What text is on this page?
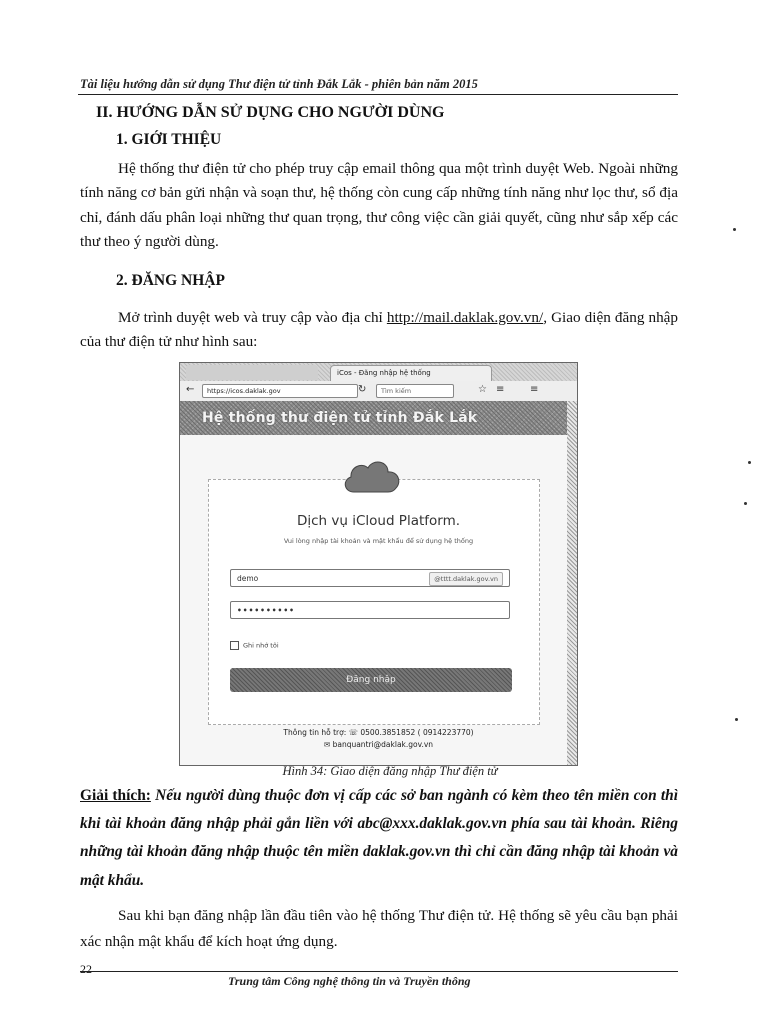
Tài liệu hướng dẫn sử dụng Thư điện tử tỉnh Đắk Lắk - phiên bản năm 2015
II. HƯỚNG DẪN SỬ DỤNG CHO NGƯỜI DÙNG
1. GIỚI THIỆU
Hệ thống thư điện tử cho phép truy cập email thông qua một trình duyệt Web. Ngoài những tính năng cơ bản gửi nhận và soạn thư, hệ thống còn cung cấp những tính năng như lọc thư, sổ địa chỉ, đánh dấu phân loại những thư quan trọng, thư công việc cần giải quyết, cũng như sắp xếp các thư theo ý người dùng.
2. ĐĂNG NHẬP
Mở trình duyệt web và truy cập vào địa chỉ http://mail.daklak.gov.vn/, Giao diện đăng nhập của thư điện tử như hình sau:
iCos - Đăng nhập hệ thống
←	https://icos.daklak.gov	↻	Tìm kiếm	☆ ≡	≡
Hệ thống thư điện tử tỉnh Đắk Lắk
Dịch vụ iCloud Platform.
Vui lòng nhập tài khoản và mật khẩu để sử dụng hệ thống
demo	@tttt.daklak.gov.vn
••••••••••
Ghi nhớ tôi
Đăng nhập
Thông tin hỗ trợ: ☏ 0500.3851852 ( 0914223770)
✉ banquantri@daklak.gov.vn
Hình 34: Giao diện đăng nhập Thư điện tử
Giải thích: Nếu người dùng thuộc đơn vị cấp các sở ban ngành có kèm theo tên miền con thì khi tài khoản đăng nhập phải gắn liền với abc@xxx.daklak.gov.vn phía sau tài khoản. Riêng những tài khoản đăng nhập thuộc tên miền daklak.gov.vn thì chỉ cần đăng nhập tài khoản và mật khẩu.
Sau khi bạn đăng nhập lần đầu tiên vào hệ thống Thư điện tử. Hệ thống sẽ yêu cầu bạn phải xác nhận mật khẩu để kích hoạt ứng dụng.
22
Trung tâm Công nghệ thông tin và Truyền thông
